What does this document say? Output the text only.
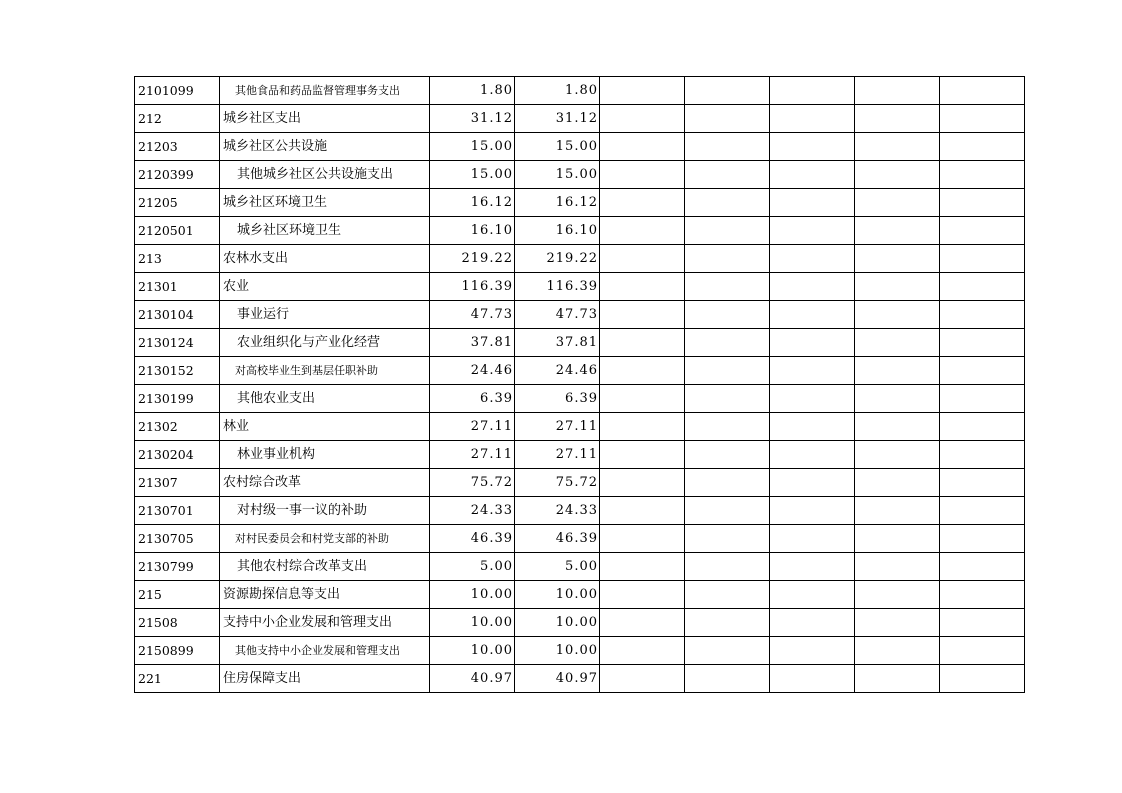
2101099	其他食品和药品监督管理事务支出	1.80	1.80					
212	城乡社区支出	31.12	31.12					
21203	城乡社区公共设施	15.00	15.00					
2120399	其他城乡社区公共设施支出	15.00	15.00					
21205	城乡社区环境卫生	16.12	16.12					
2120501	城乡社区环境卫生	16.10	16.10					
213	农林水支出	219.22	219.22					
21301	农业	116.39	116.39					
2130104	事业运行	47.73	47.73					
2130124	农业组织化与产业化经营	37.81	37.81					
2130152	对高校毕业生到基层任职补助	24.46	24.46					
2130199	其他农业支出	6.39	6.39					
21302	林业	27.11	27.11					
2130204	林业事业机构	27.11	27.11					
21307	农村综合改革	75.72	75.72					
2130701	对村级一事一议的补助	24.33	24.33					
2130705	对村民委员会和村党支部的补助	46.39	46.39					
2130799	其他农村综合改革支出	5.00	5.00					
215	资源勘探信息等支出	10.00	10.00					
21508	支持中小企业发展和管理支出	10.00	10.00					
2150899	其他支持中小企业发展和管理支出	10.00	10.00					
221	住房保障支出	40.97	40.97					
